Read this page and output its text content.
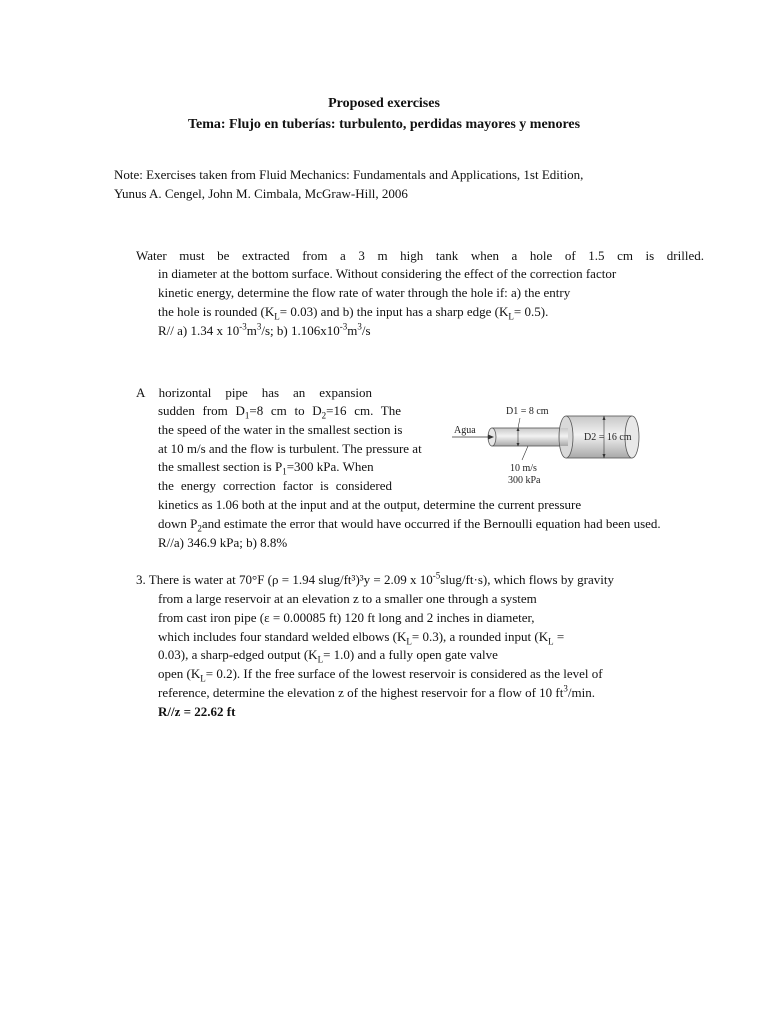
Proposed exercises
Tema: Flujo en tuberías: turbulento, perdidas mayores y menores
Note: Exercises taken from Fluid Mechanics: Fundamentals and Applications, 1st Edition,
Yunus A. Cengel, John M. Cimbala, McGraw-Hill, 2006
Water must be extracted from a 3 m high tank when a hole of 1.5 cm is drilled.
in diameter at the bottom surface. Without considering the effect of the correction factor
kinetic energy, determine the flow rate of water through the hole if: a) the entry
the hole is rounded $(K_L= 0.03)$ and b) the input has a sharp edge $(K_L= 0.5)$.
R// a) 1.34 x $10^{-3}m^3/s$; b) $1.106x10^{-3}m^3/s$
A horizontal pipe has an expansion
sudden from $D_1=8$ cm to $D_2=16$ cm. The
the speed of the water in the smallest section is
at 10 m/s and the flow is turbulent. The pressure at
the smallest section is $P_1=300$ kPa. When
the energy correction factor is considered
kinetics as 1.06 both at the input and at the output, determine the current pressure
down $P_2and$ estimate the error that would have occurred if the Bernoulli equation had been used.
R//a) 346.9 kPa; b) 8.8%
D1 = 8 cm
D2 = 16 cm
Agua
10 m/s
300 kPa
3. There is water at 70°F (ρ = 1.94 slug/ft³)³y = 2.09 x $10^{-5}slug/ft\cdot s$), which flows by gravity
from a large reservoir at an elevation z to a smaller one through a system
from cast iron pipe (ε = 0.00085 ft) 120 ft long and 2 inches in diameter,
which includes four standard welded elbows $(K_L= 0.3)$, a rounded input ($K_L$ =
0.03), a sharp-edged output $(K_L= 1.0)$ and a fully open gate valve
open $(K_L= 0.2)$. If the free surface of the lowest reservoir is considered as the level of
reference, determine the elevation z of the highest reservoir for a flow of 10 $ft^3/\min$.
R//z = 22.62 ft
